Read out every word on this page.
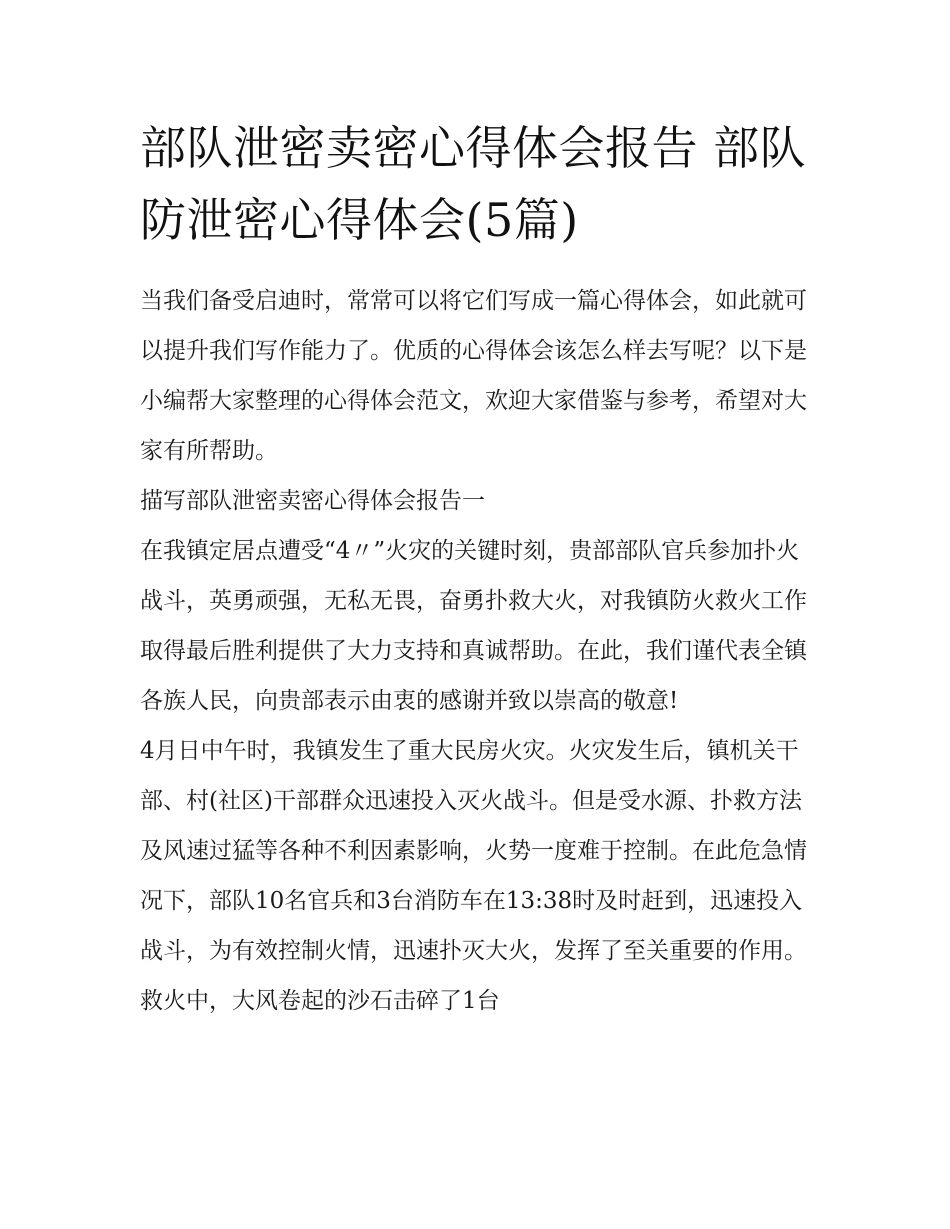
部队泄密卖密心得体会报告 部队防泄密心得体会(5篇)

当我们备受启迪时，常常可以将它们写成一篇心得体会，如此就可以提升我们写作能力了。优质的心得体会该怎么样去写呢？以下是小编帮大家整理的心得体会范文，欢迎大家借鉴与参考，希望对大家有所帮助。

描写部队泄密卖密心得体会报告一

在我镇定居点遭受“4〃”火灾的关键时刻，贵部部队官兵参加扑火战斗，英勇顽强，无私无畏，奋勇扑救大火，对我镇防火救火工作取得最后胜利提供了大力支持和真诚帮助。在此，我们谨代表全镇各族人民，向贵部表示由衷的感谢并致以崇高的敬意!

4月日中午时，我镇发生了重大民房火灾。火灾发生后，镇机关干部、村(社区)干部群众迅速投入灭火战斗。但是受水源、扑救方法及风速过猛等各种不利因素影响，火势一度难于控制。在此危急情况下，部队10名官兵和3台消防车在13:38时及时赶到，迅速投入战斗，为有效控制火情，迅速扑灭大火，发挥了至关重要的作用。救火中，大风卷起的沙石击碎了1台
